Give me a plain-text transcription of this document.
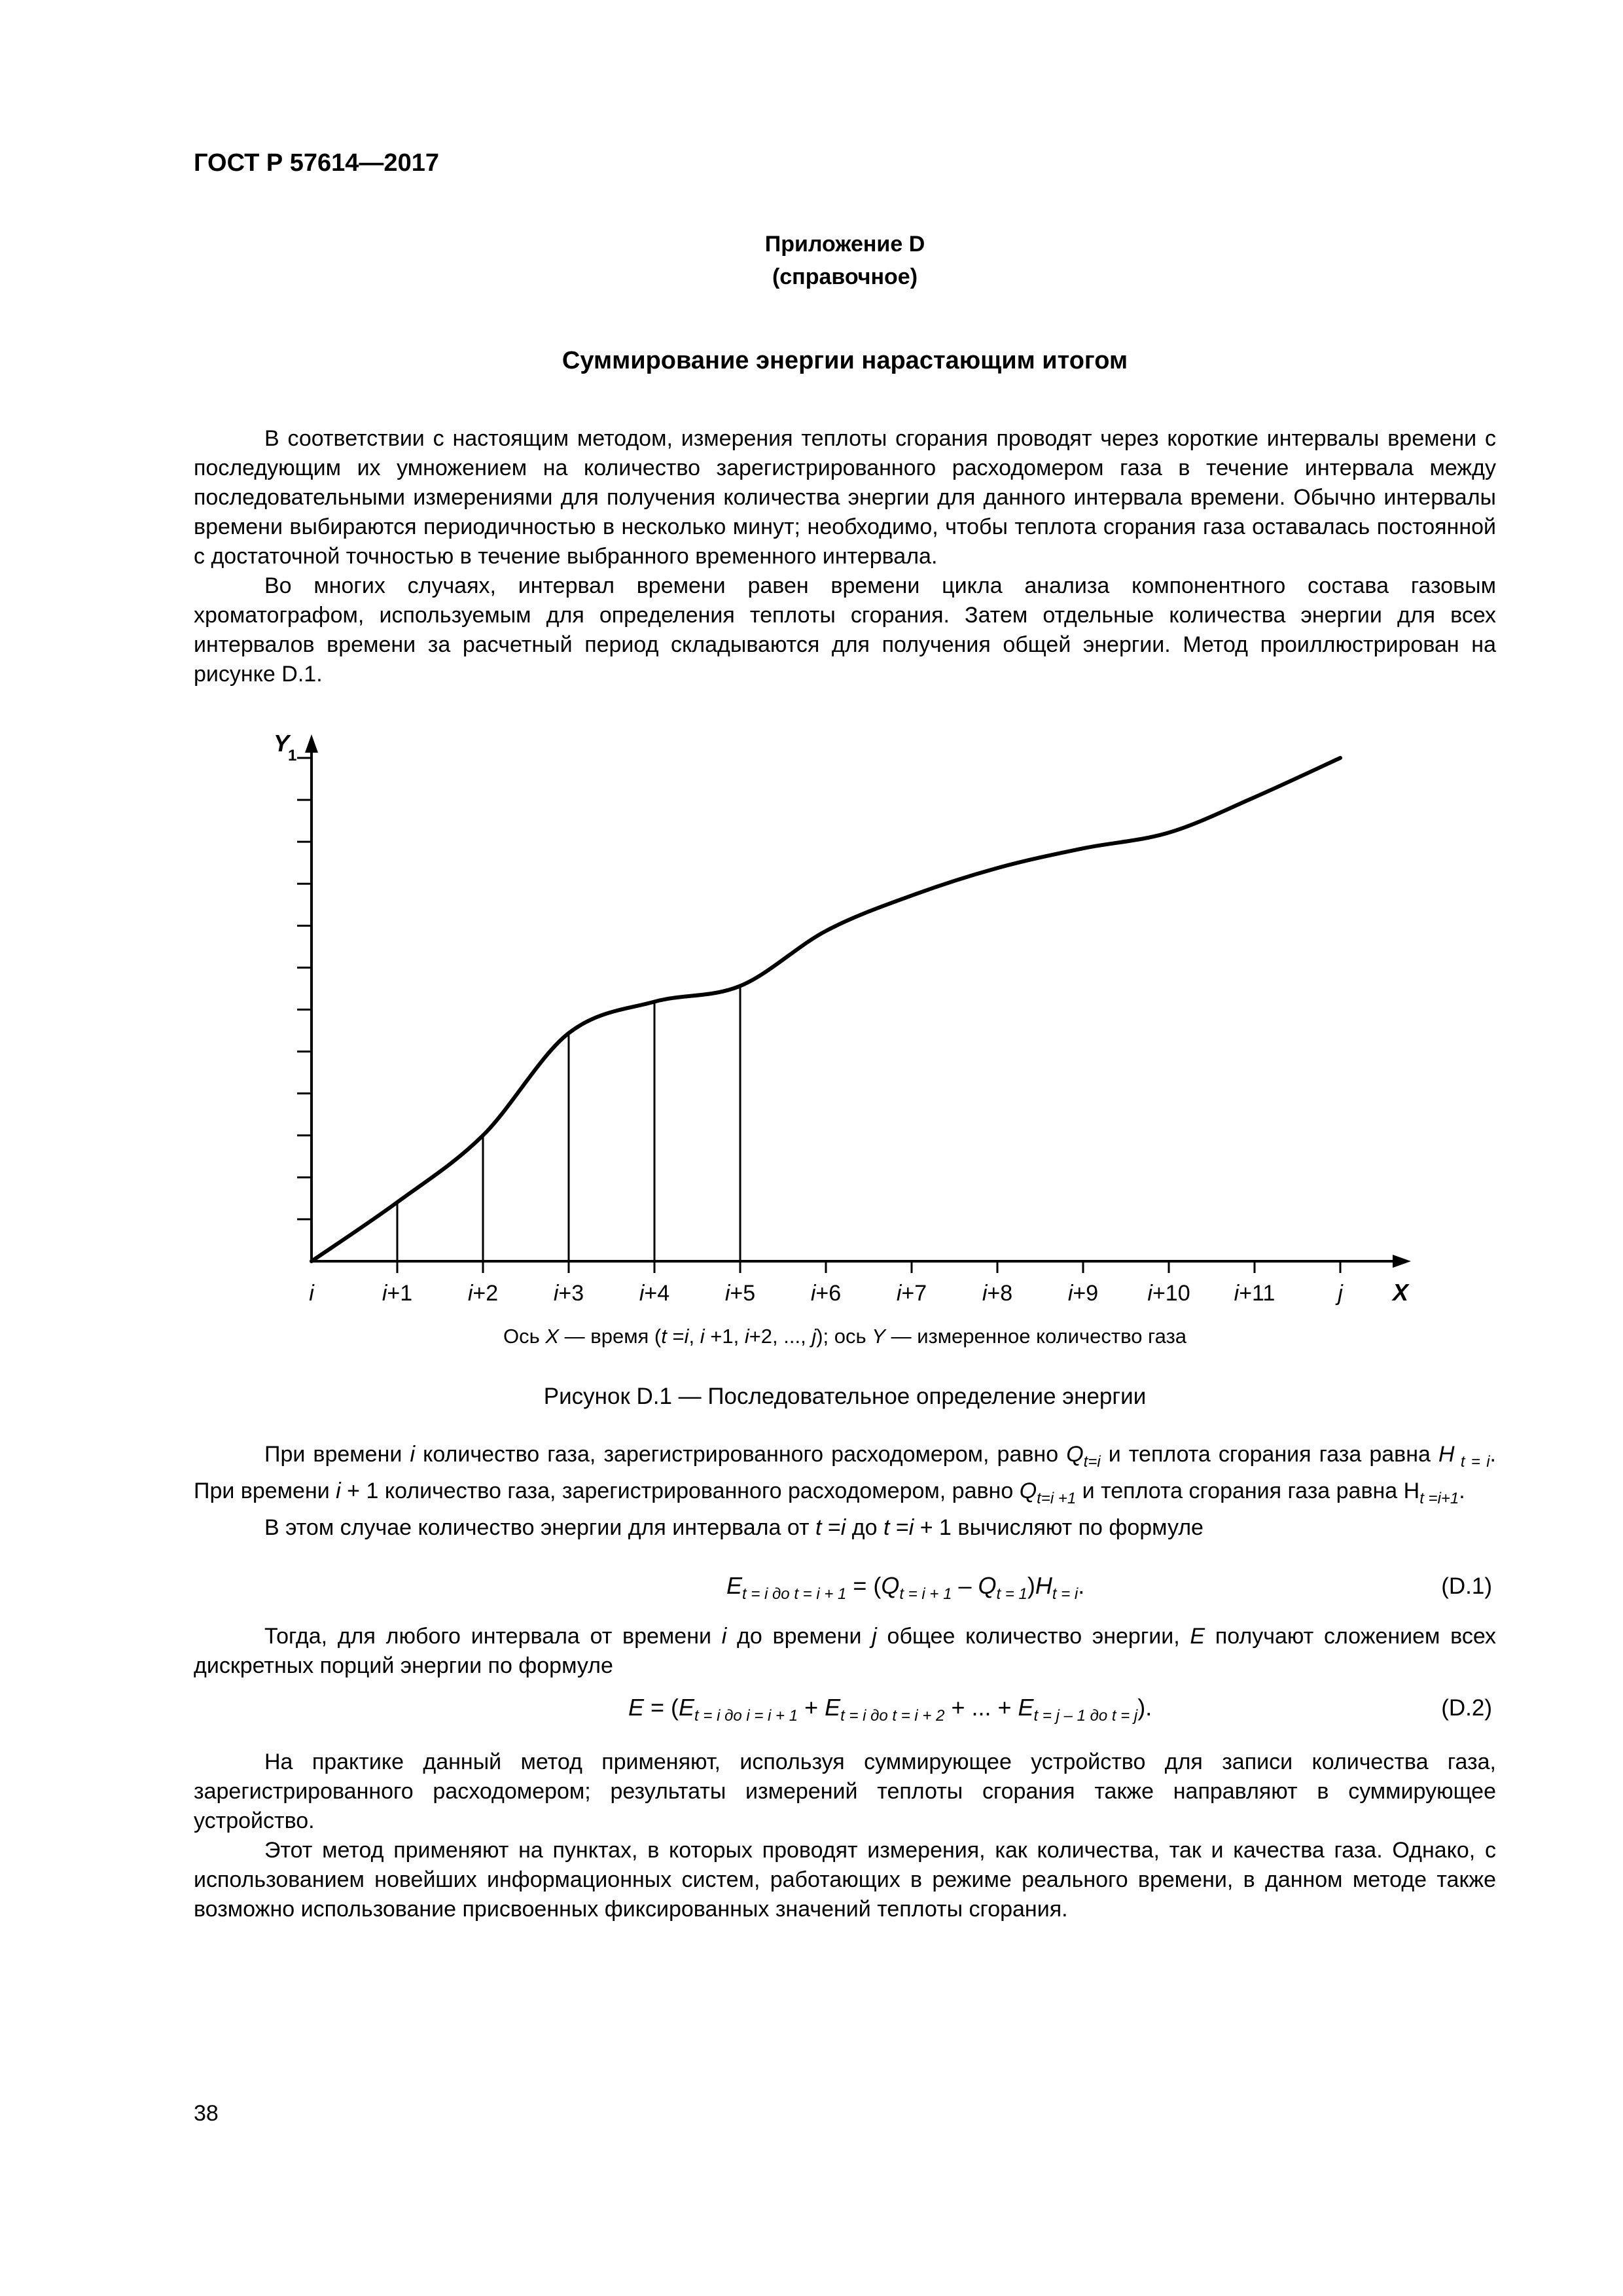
ГОСТ Р 57614—2017
Приложение D
(справочное)
Суммирование энергии нарастающим итогом

В соответствии с настоящим методом, измерения теплоты сгорания проводят через короткие интервалы времени с последующим их умножением на количество зарегистрированного расходомером газа в течение интервала между последовательными измерениями для получения количества энергии для данного интервала времени. Обычно интервалы времени выбираются периодичностью в несколько минут; необходимо, чтобы теплота сгорания газа оставалась постоянной с достаточной точностью в течение выбранного временного интервала.

Во многих случаях, интервал времени равен времени цикла анализа компонентного состава газовым хроматографом, используемым для определения теплоты сгорания. Затем отдельные количества энергии для всех интервалов времени за расчетный период складываются для получения общей энергии. Метод проиллюстрирован на рисунке D.1.

i	i+1 i+2 i+3 i+4 i+5 i+6 i+7 i+8 i+9 i+10 i+11	j X
Y
1
Ось X — время (t =i, i +1, i+2, ..., j); ось Y — измеренное количество газа
Рисунок D.1 — Последовательное определение энергии

При времени i количество газа, зарегистрированного расходомером, равно $Q_{t=i}$ и теплота сгорания газа равна H $_{t = i}$. При времени i + 1 количество газа, зарегистрированного расходомером, равно $Q_{t=i +1}$ и теплота сгорания газа равна $H_{t =i+1}$.

В этом случае количество энергии для интервала от t =i до t =i + 1 вычисляют по формуле

$E_{t = i до t = i + 1} = (Q_{t = i + 1} - Q_{t = 1})H_{t = i}$.	(D.1)

Тогда, для любого интервала от времени i до времени j общее количество энергии, E получают сложением всех дискретных порций энергии по формуле

$E = (E_{t = i до i = i + 1} + E_{t = i до t = i + 2}$ + ... + $E_{t = j - 1 до t = j}$).	(D.2)

На практике данный метод применяют, используя суммирующее устройство для записи количества газа, зарегистрированного расходомером; результаты измерений теплоты сгорания также направляют в суммирующее устройство.

Этот метод применяют на пунктах, в которых проводят измерения, как количества, так и качества газа. Однако, с использованием новейших информационных систем, работающих в режиме реального времени, в данном методе также возможно использование присвоенных фиксированных значений теплоты сгорания.

38
